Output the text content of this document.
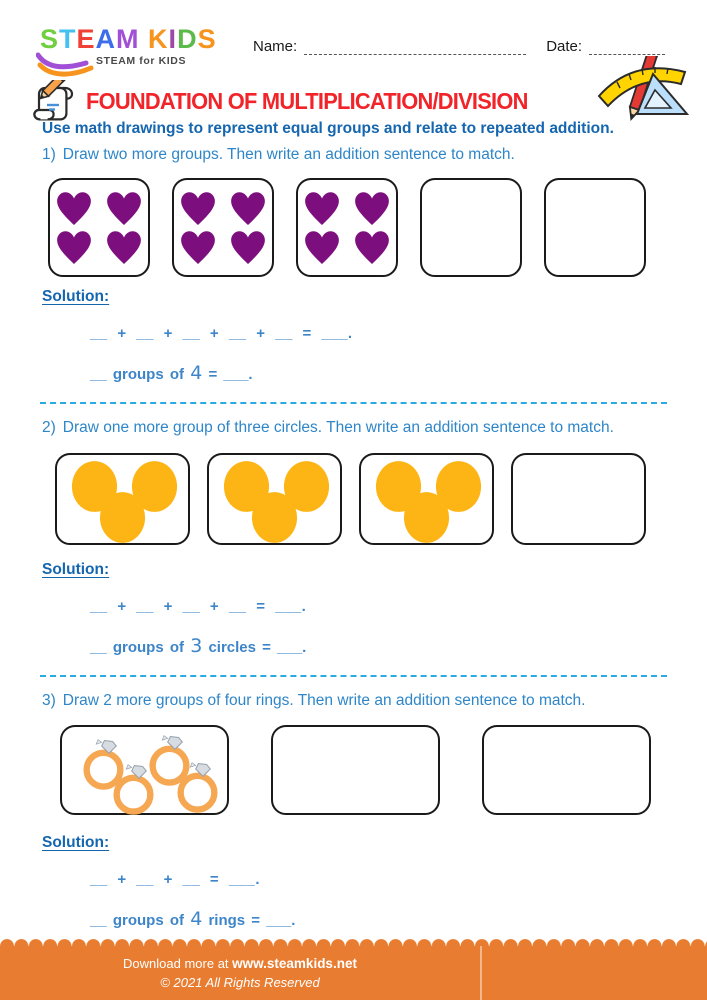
STEAM KIDS
STEAM for KIDS
Name:	Date:
FOUNDATION OF MULTIPLICATION/DIVISION
Use math drawings to represent equal groups and relate to repeated addition.
1) Draw two more groups. Then write an addition sentence to match.
Solution:
__ + __ + __ + __ + __ = ___.
__ groups of 4 = ___.
2) Draw one more group of three circles. Then write an addition sentence to match.
Solution:
__ + __ + __ + __ = ___.
__ groups of 3 circles = ___.
3) Draw 2 more groups of four rings. Then write an addition sentence to match.
Solution:
__ + __ + __ = ___.
__ groups of 4 rings = ___.
Download more at www.steamkids.net
© 2021 All Rights Reserved
